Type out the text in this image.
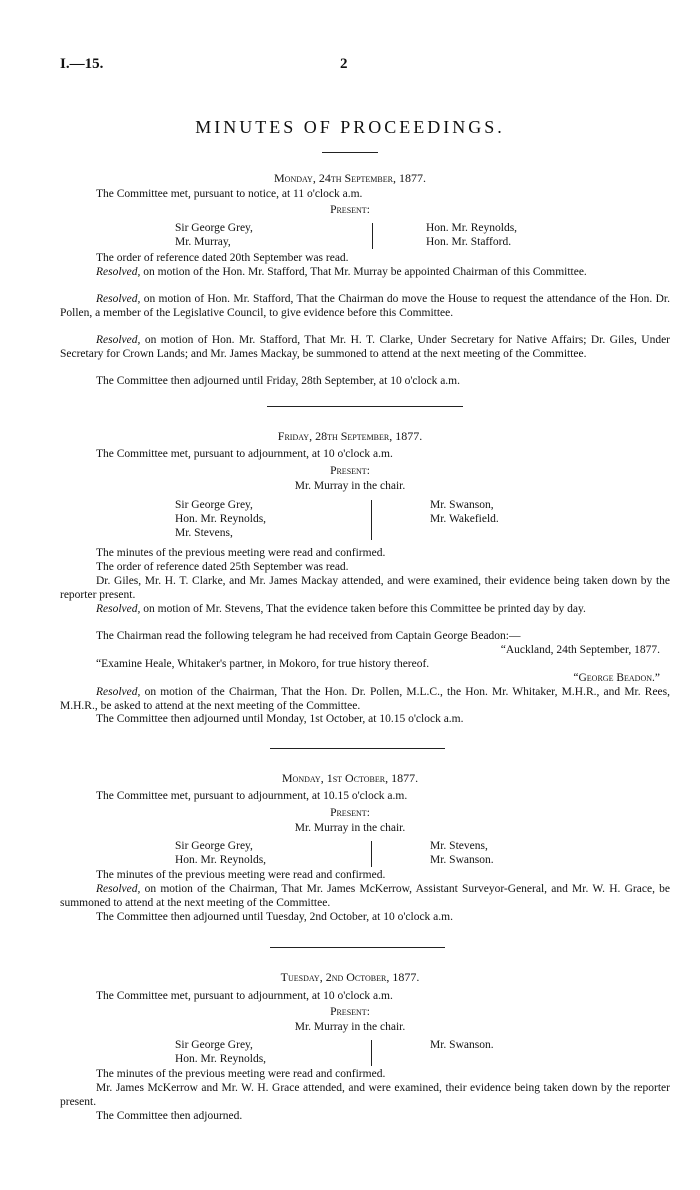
I.—15.	2
MINUTES OF PROCEEDINGS.
Monday, 24th September, 1877.

The Committee met, pursuant to notice, at 11 o'clock a.m.

Present:
Sir George Grey,
Mr. Murray,
Hon. Mr. Reynolds,
Hon. Mr. Stafford.

The order of reference dated 20th September was read.

Resolved, on motion of the Hon. Mr. Stafford, That Mr. Murray be appointed Chairman of this Committee.

Resolved, on motion of Hon. Mr. Stafford, That the Chairman do move the House to request the attendance of the Hon. Dr. Pollen, a member of the Legislative Council, to give evidence before this Committee.

Resolved, on motion of Hon. Mr. Stafford, That Mr. H. T. Clarke, Under Secretary for Native Affairs; Dr. Giles, Under Secretary for Crown Lands; and Mr. James Mackay, be summoned to attend at the next meeting of the Committee.

The Committee then adjourned until Friday, 28th September, at 10 o'clock a.m.

Friday, 28th September, 1877.

The Committee met, pursuant to adjournment, at 10 o'clock a.m.

Present:
Mr. Murray in the chair.
Sir George Grey,
Hon. Mr. Reynolds,
Mr. Stevens,
Mr. Swanson,
Mr. Wakefield.

The minutes of the previous meeting were read and confirmed.

The order of reference dated 25th September was read.

Dr. Giles, Mr. H. T. Clarke, and Mr. James Mackay attended, and were examined, their evidence being taken down by the reporter present.

Resolved, on motion of Mr. Stevens, That the evidence taken before this Committee be printed day by day.

The Chairman read the following telegram he had received from Captain George Beadon:—

“Auckland, 24th September, 1877.

“Examine Heale, Whitaker's partner, in Mokoro, for true history thereof.

“George Beadon.”

Resolved, on motion of the Chairman, That the Hon. Dr. Pollen, M.L.C., the Hon. Mr. Whitaker, M.H.R., and Mr. Rees, M.H.R., be asked to attend at the next meeting of the Committee.

The Committee then adjourned until Monday, 1st October, at 10.15 o'clock a.m.

Monday, 1st October, 1877.

The Committee met, pursuant to adjournment, at 10.15 o'clock a.m.

Present:
Mr. Murray in the chair.
Sir George Grey,
Hon. Mr. Reynolds,
Mr. Stevens,
Mr. Swanson.

The minutes of the previous meeting were read and confirmed.

Resolved, on motion of the Chairman, That Mr. James McKerrow, Assistant Surveyor-General, and Mr. W. H. Grace, be summoned to attend at the next meeting of the Committee.

The Committee then adjourned until Tuesday, 2nd October, at 10 o'clock a.m.

Tuesday, 2nd October, 1877.

The Committee met, pursuant to adjournment, at 10 o'clock a.m.

Present:
Mr. Murray in the chair.
Sir George Grey,
Hon. Mr. Reynolds,
Mr. Swanson.

The minutes of the previous meeting were read and confirmed.

Mr. James McKerrow and Mr. W. H. Grace attended, and were examined, their evidence being taken down by the reporter present.

The Committee then adjourned.
